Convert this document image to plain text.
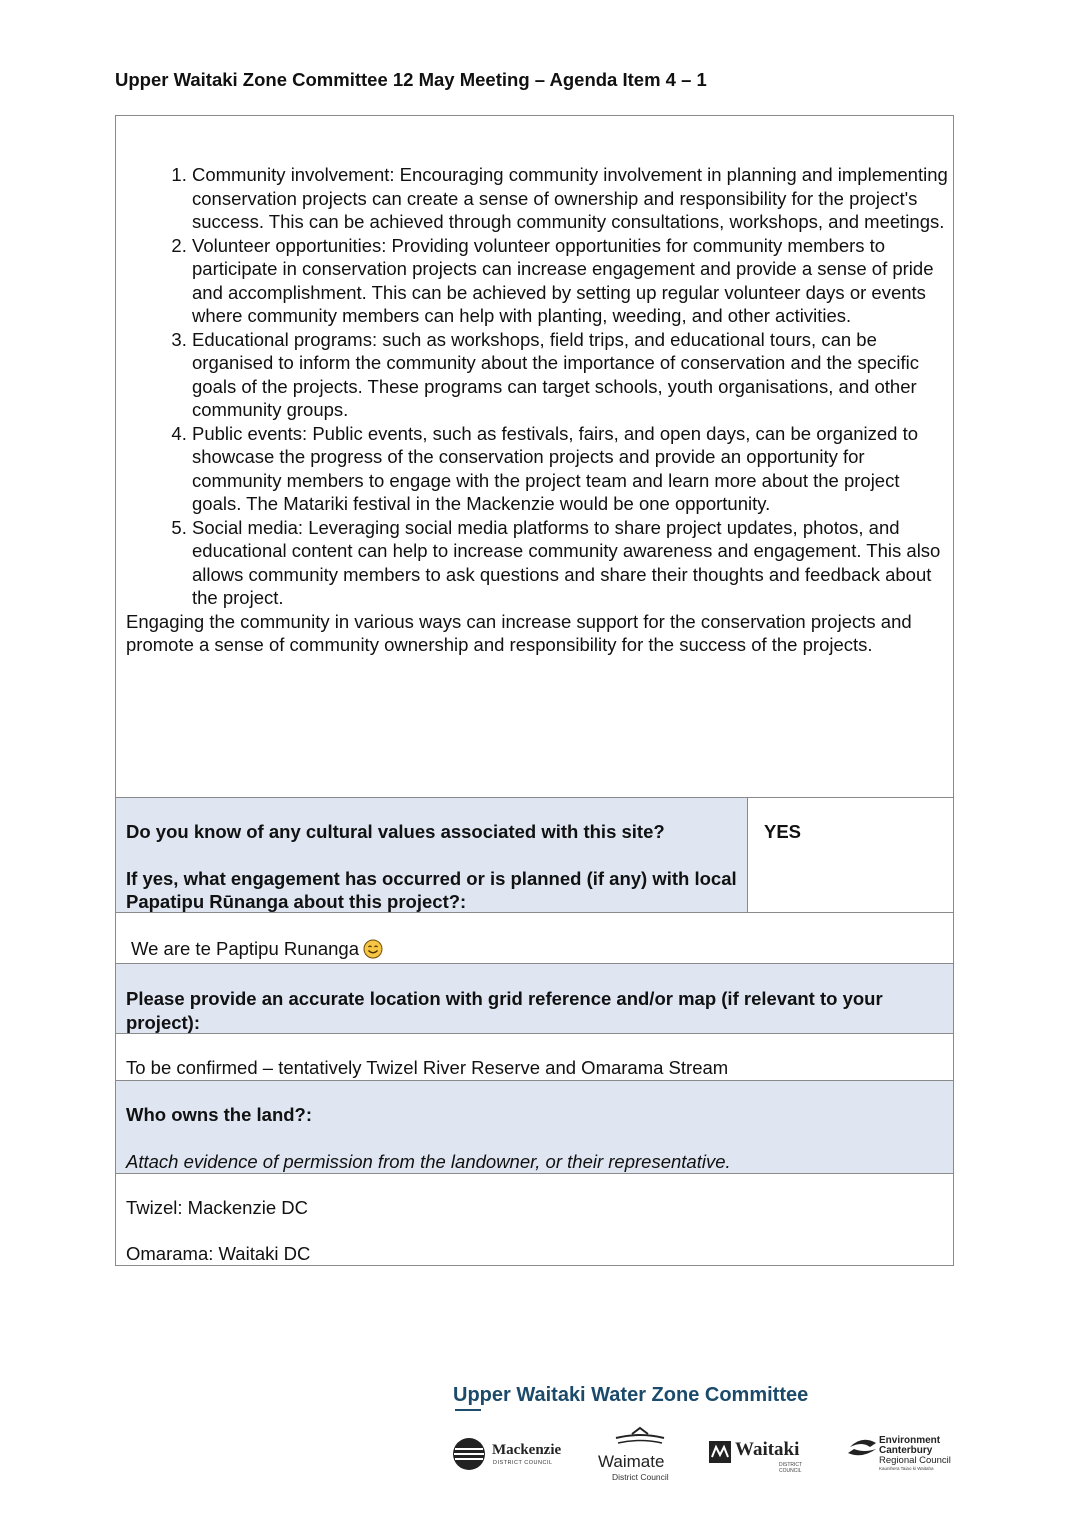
Upper Waitaki Zone Committee 12 May Meeting – Agenda Item 4 – 1
1. Community involvement: Encouraging community involvement in planning and implementing conservation projects can create a sense of ownership and responsibility for the project's success. This can be achieved through community consultations, workshops, and meetings.
2. Volunteer opportunities: Providing volunteer opportunities for community members to participate in conservation projects can increase engagement and provide a sense of pride and accomplishment. This can be achieved by setting up regular volunteer days or events where community members can help with planting, weeding, and other activities.
3. Educational programs: such as workshops, field trips, and educational tours, can be organised to inform the community about the importance of conservation and the specific goals of the projects. These programs can target schools, youth organisations, and other community groups.
4. Public events: Public events, such as festivals, fairs, and open days, can be organized to showcase the progress of the conservation projects and provide an opportunity for community members to engage with the project team and learn more about the project goals. The Matariki festival in the Mackenzie would be one opportunity.
5. Social media: Leveraging social media platforms to share project updates, photos, and educational content can help to increase community awareness and engagement. This also allows community members to ask questions and share their thoughts and feedback about the project.
Engaging the community in various ways can increase support for the conservation projects and promote a sense of community ownership and responsibility for the success of the projects.
Do you know of any cultural values associated with this site?
If yes, what engagement has occurred or is planned (if any) with local Papatipu Rūnanga about this project?:
YES
We are te Paptipu Runanga
Please provide an accurate location with grid reference and/or map (if relevant to your project):
To be confirmed – tentatively Twizel River Reserve and Omarama Stream
Who owns the land?:
Attach evidence of permission from the landowner, or their representative.
Twizel: Mackenzie DC
Omarama: Waitaki DC
Upper Waitaki Water Zone Committee
Mackenzie
DISTRICT COUNCIL	Waimate
District Council
Waitaki
DISTRICT COUNCIL
Environment
Canterbury
Regional Council
Kaunihera Taiao ki Waitaha
